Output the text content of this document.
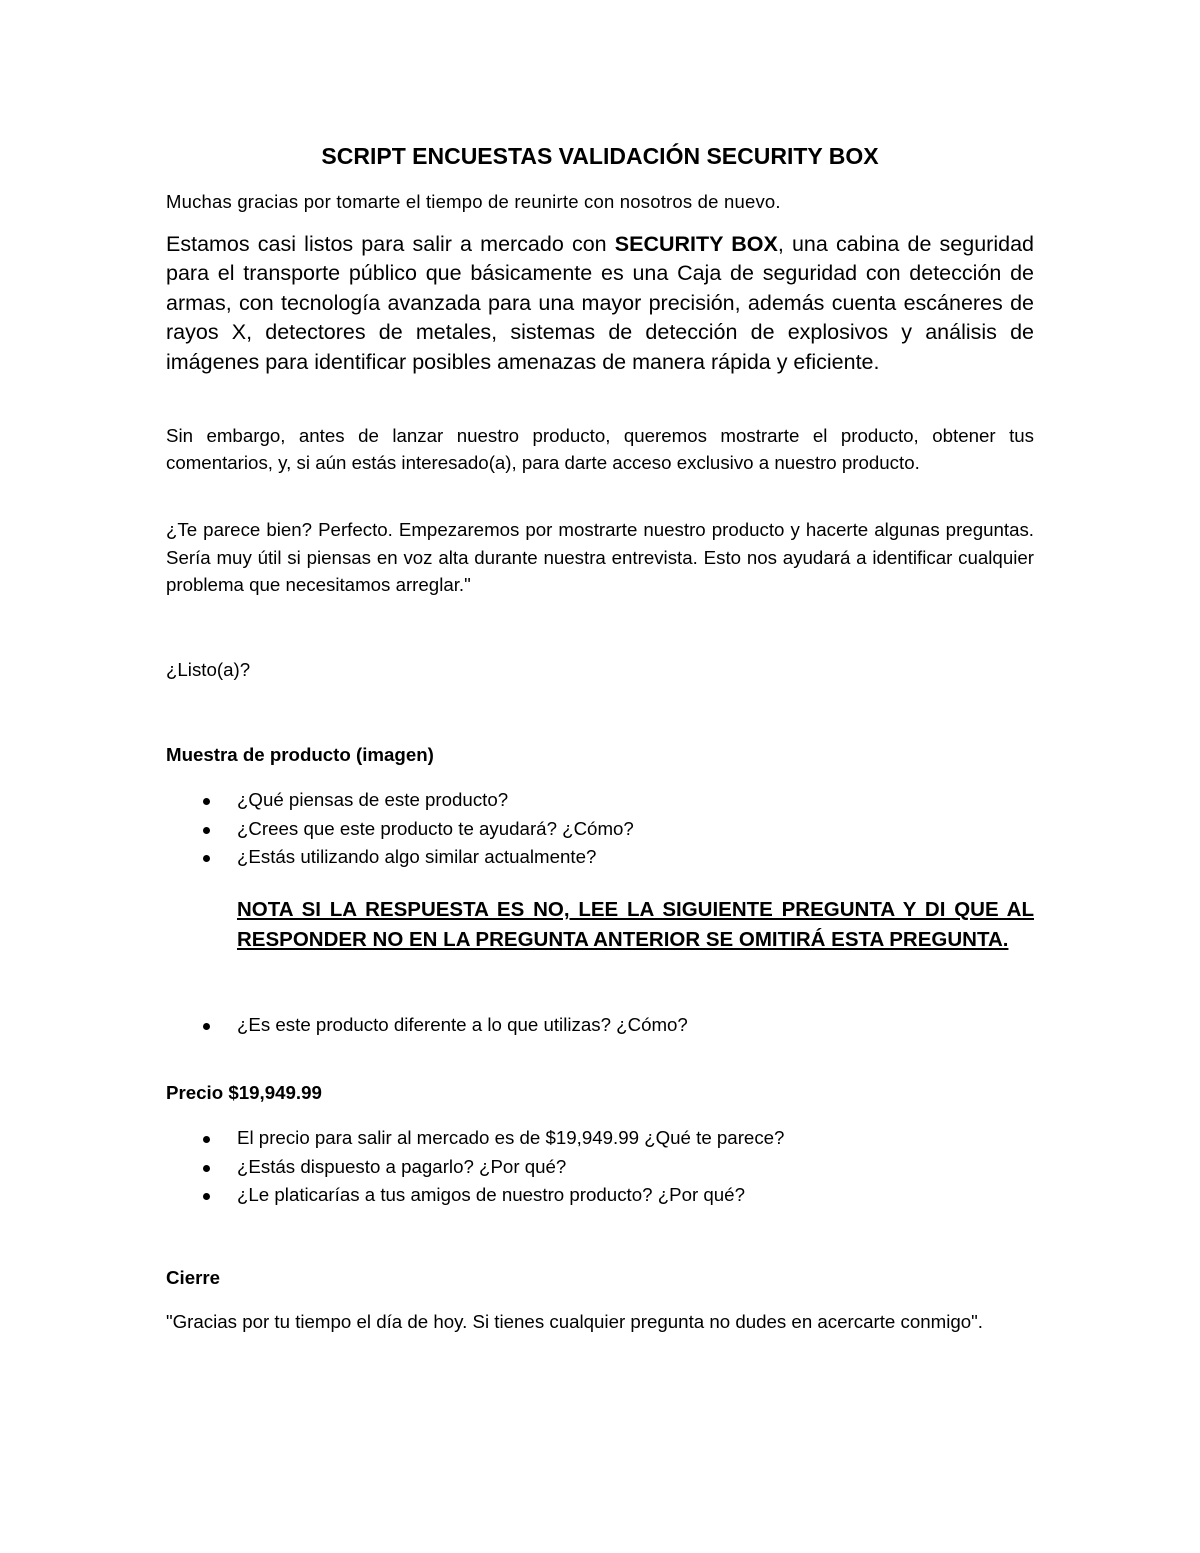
SCRIPT ENCUESTAS VALIDACIÓN SECURITY BOX

Muchas gracias por tomarte el tiempo de reunirte con nosotros de nuevo.

Estamos casi listos para salir a mercado con SECURITY BOX, una cabina de seguridad para el transporte público que básicamente es una Caja de seguridad con detección de armas, con tecnología avanzada para una mayor precisión, además cuenta escáneres de rayos X, detectores de metales, sistemas de detección de explosivos y análisis de imágenes para identificar posibles amenazas de manera rápida y eficiente.

Sin embargo, antes de lanzar nuestro producto, queremos mostrarte el producto, obtener tus comentarios, y, si aún estás interesado(a), para darte acceso exclusivo a nuestro producto.

¿Te parece bien? Perfecto. Empezaremos por mostrarte nuestro producto y hacerte algunas preguntas. Sería muy útil si piensas en voz alta durante nuestra entrevista. Esto nos ayudará a identificar cualquier problema que necesitamos arreglar."

¿Listo(a)?

Muestra de producto (imagen)
¿Qué piensas de este producto?
¿Crees que este producto te ayudará? ¿Cómo?
¿Estás utilizando algo similar actualmente?

NOTA SI LA RESPUESTA ES NO, LEE LA SIGUIENTE PREGUNTA Y DI QUE AL RESPONDER NO EN LA PREGUNTA ANTERIOR SE OMITIRÁ ESTA PREGUNTA.

¿Es este producto diferente a lo que utilizas? ¿Cómo?
Precio $19,949.99
El precio para salir al mercado es de $19,949.99 ¿Qué te parece?
¿Estás dispuesto a pagarlo? ¿Por qué?
¿Le platicarías a tus amigos de nuestro producto? ¿Por qué?
Cierre

"Gracias por tu tiempo el día de hoy. Si tienes cualquier pregunta no dudes en acercarte conmigo".
